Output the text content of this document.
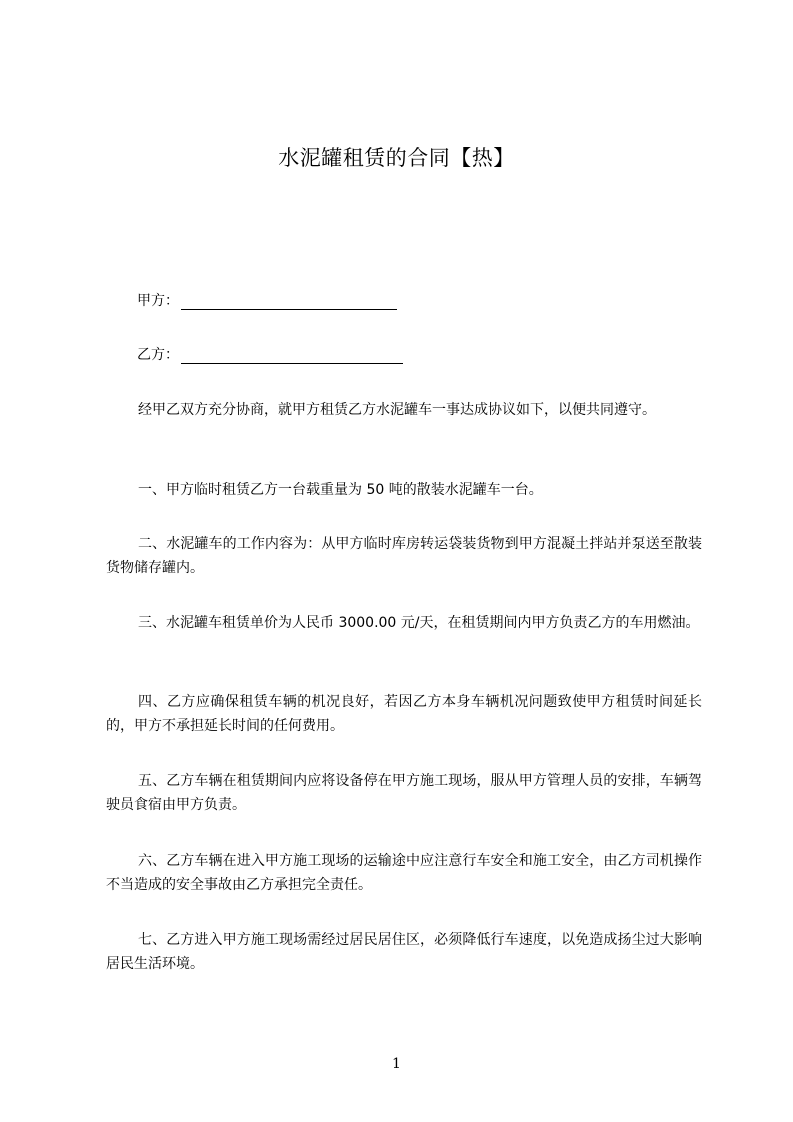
水泥罐租赁的合同【热】
甲方：
乙方：
经甲乙双方充分协商，就甲方租赁乙方水泥罐车一事达成协议如下，以便共同遵守。
一、甲方临时租赁乙方一台载重量为 50 吨的散装水泥罐车一台。
二、水泥罐车的工作内容为：从甲方临时库房转运袋装货物到甲方混凝土拌站并泵送至散装货物储存罐内。
三、水泥罐车租赁单价为人民币 3000.00 元/天，在租赁期间内甲方负责乙方的车用燃油。
四、乙方应确保租赁车辆的机况良好，若因乙方本身车辆机况问题致使甲方租赁时间延长的，甲方不承担延长时间的任何费用。
五、乙方车辆在租赁期间内应将设备停在甲方施工现场，服从甲方管理人员的安排，车辆驾驶员食宿由甲方负责。
六、乙方车辆在进入甲方施工现场的运输途中应注意行车安全和施工安全，由乙方司机操作不当造成的安全事故由乙方承担完全责任。
七、乙方进入甲方施工现场需经过居民居住区，必须降低行车速度，以免造成扬尘过大影响居民生活环境。
1
